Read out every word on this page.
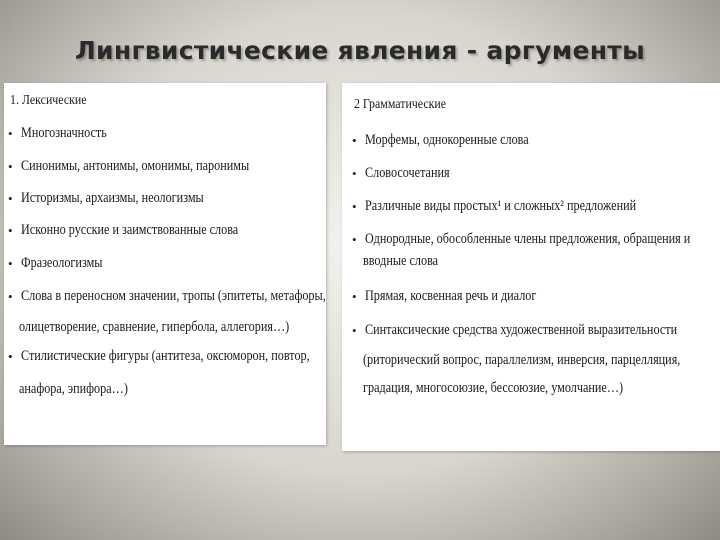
Лингвистические явления - аргументы
1. Лексические
• Многозначность
• Синонимы, антонимы, омонимы, паронимы
• Историзмы, архаизмы, неологизмы
• Исконно русские и заимствованные слова
• Фразеологизмы
• Слова в переносном значении, тропы (эпитеты, метафоры,
олицетворение, сравнение, гипербола, аллегория…)
• Стилистические фигуры (антитеза, оксюморон, повтор,
анафора, эпифора…)
2 Грамматические
• Морфемы, однокоренные слова
• Словосочетания
• Различные виды простых¹ и сложных² предложений
• Однородные, обособленные члены предложения, обращения и
вводные слова
• Прямая, косвенная речь и диалог
• Синтаксические средства художественной выразительности
(риторический вопрос, параллелизм, инверсия, парцелляция,
градация, многосоюзие, бессоюзие, умолчание…)
